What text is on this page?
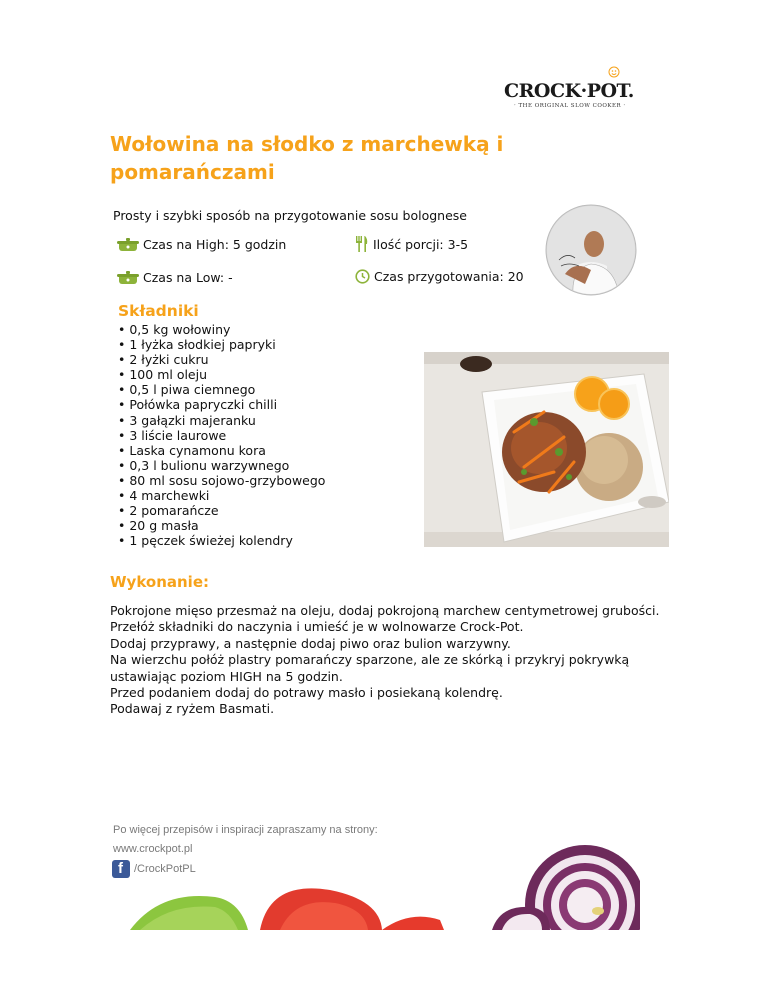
CROCK·POT.
· THE ORIGINAL SLOW COOKER ·
Wołowina na słodko z marchewką i
pomarańczami
Prosty i szybki sposób na przygotowanie sosu bolognese
Czas na High: 5 godzin
Czas na Low: -
Ilość porcji: 3-5
Czas przygotowania: 20
Składniki
• 0,5 kg wołowiny
• 1 łyżka słodkiej papryki
• 2 łyżki cukru
• 100 ml oleju
• 0,5 l piwa ciemnego
• Połówka papryczki chilli
• 3 gałązki majeranku
• 3 liście laurowe
• Laska cynamonu kora
• 0,3 l bulionu warzywnego
• 80 ml sosu sojowo-grzybowego
• 4 marchewki
• 2 pomarańcze
• 20 g masła
• 1 pęczek świeżej kolendry
Wykonanie:
Pokrojone mięso przesmaż na oleju, dodaj pokrojoną marchew centymetrowej grubości.
Przełóż składniki do naczynia i umieść je w wolnowarze Crock-Pot.
Dodaj przyprawy, a następnie dodaj piwo oraz bulion warzywny.
Na wierzchu połóż plastry pomarańczy sparzone, ale ze skórką i przykryj pokrywką
ustawiając poziom HIGH na 5 godzin.
Przed podaniem dodaj do potrawy masło i posiekaną kolendrę.
Podawaj z ryżem Basmati.
Po więcej przepisów i inspiracji zapraszamy na strony:
www.crockpot.pl
f /CrockPotPL
